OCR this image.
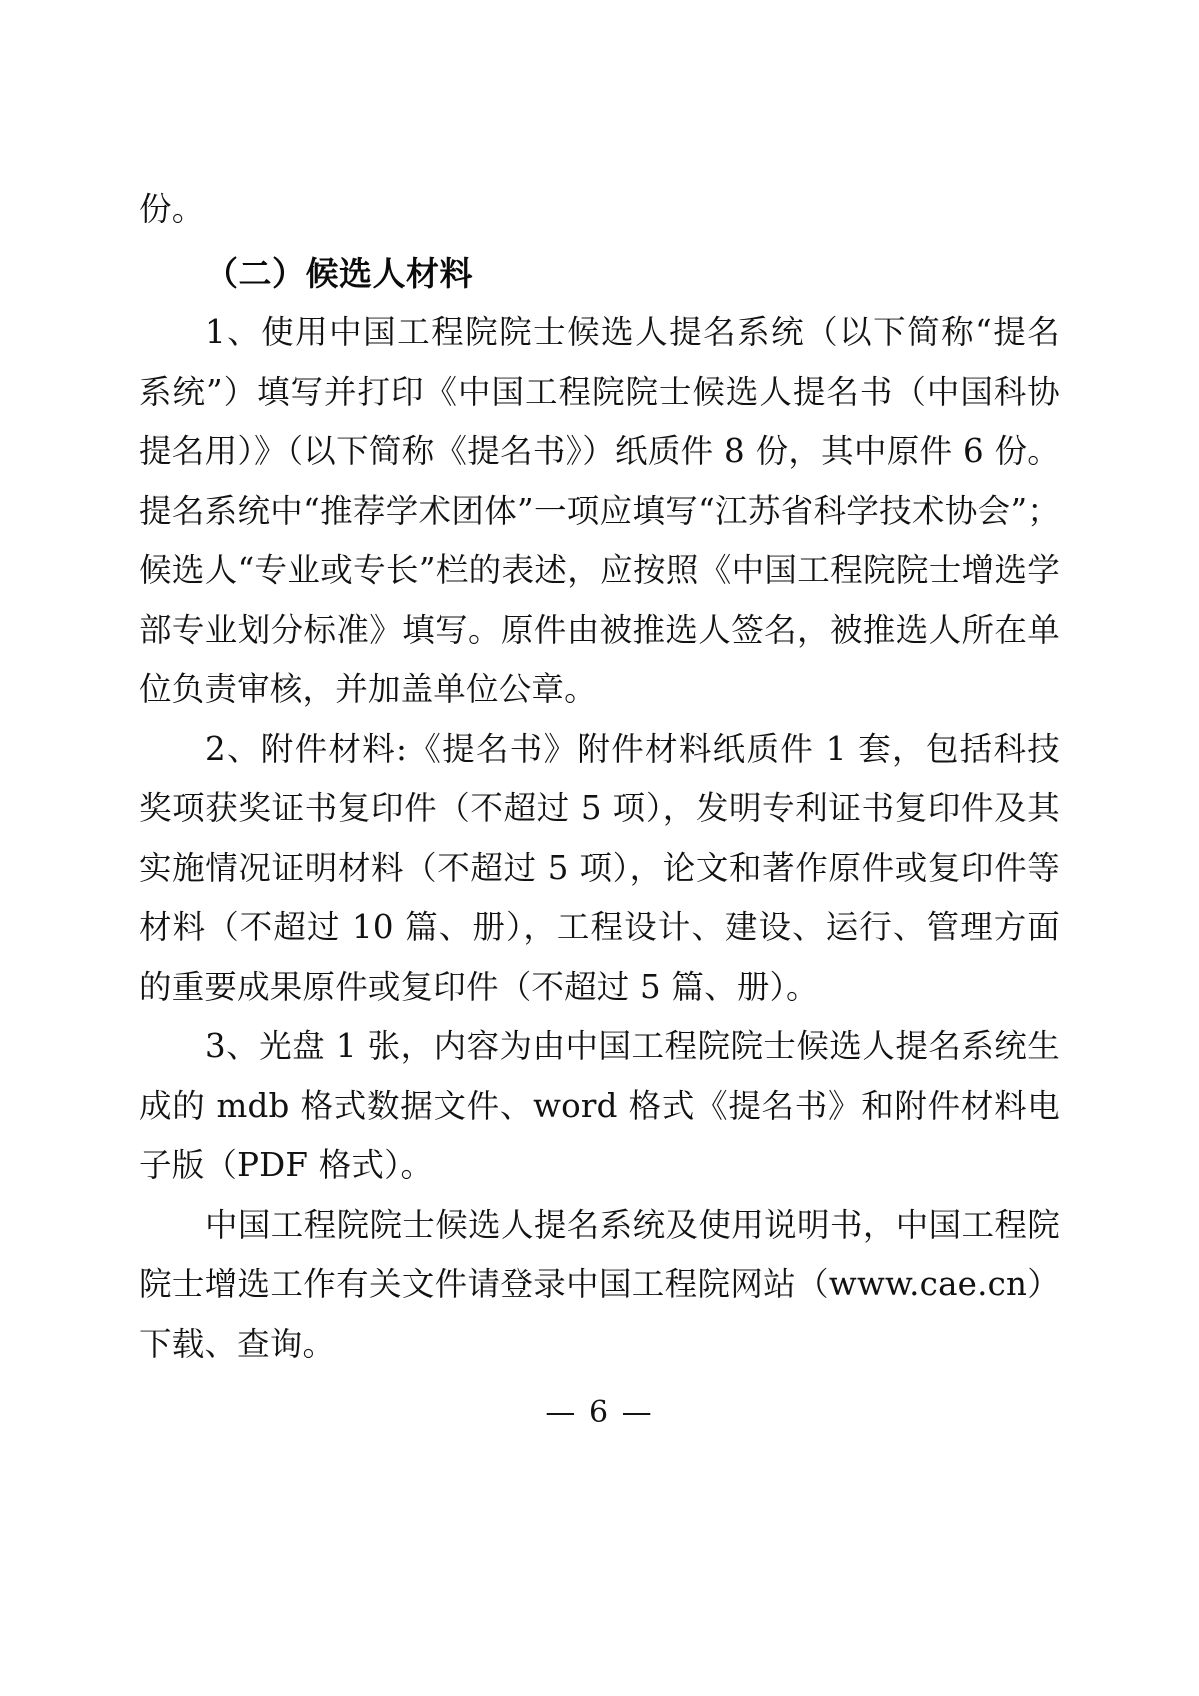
份。

（二）候选人材料

1、使用中国工程院院士候选人提名系统（以下简称“提名系统”）填写并打印《中国工程院院士候选人提名书（中国科协提名用）》（以下简称《提名书》）纸质件 8 份，其中原件 6 份。提名系统中“推荐学术团体”一项应填写“江苏省科学技术协会”；候选人“专业或专长”栏的表述，应按照《中国工程院院士增选学部专业划分标准》填写。原件由被推选人签名，被推选人所在单位负责审核，并加盖单位公章。

2、附件材料:《提名书》附件材料纸质件 1 套，包括科技奖项获奖证书复印件（不超过 5 项），发明专利证书复印件及其实施情况证明材料（不超过 5 项），论文和著作原件或复印件等材料（不超过 10 篇、册），工程设计、建设、运行、管理方面的重要成果原件或复印件（不超过 5 篇、册）。

3、光盘 1 张，内容为由中国工程院院士候选人提名系统生成的 mdb 格式数据文件、word 格式《提名书》和附件材料电子版（PDF 格式）。

中国工程院院士候选人提名系统及使用说明书，中国工程院院士增选工作有关文件请登录中国工程院网站（www.cae.cn）下载、查询。

— 6 —
